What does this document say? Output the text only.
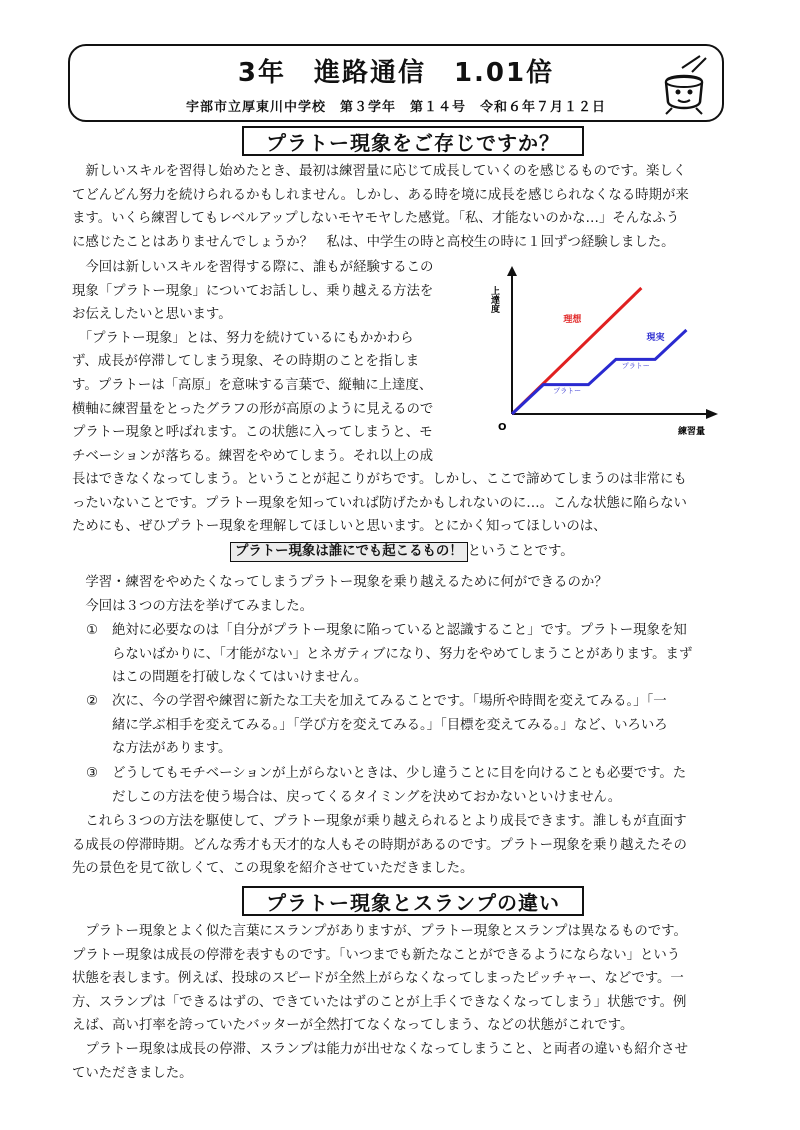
3年　進路通信　1.01倍
宇部市立厚東川中学校　第３学年　第１４号　令和６年７月１２日
プラトー現象をご存じですか？
　新しいスキルを習得し始めたとき、最初は練習量に応じて成長していくのを感じるものです。楽しく
てどんどん努力を続けられるかもしれません。しかし、ある時を境に成長を感じられなくなる時期が来
ます。いくら練習してもレベルアップしないモヤモヤした感覚。「私、才能ないのかな…」そんなふう
に感じたことはありませんでしょうか？　私は、中学生の時と高校生の時に１回ずつ経験しました。
　今回は新しいスキルを習得する際に、誰もが経験するこの
現象「プラトー現象」についてお話しし、乗り越える方法を
お伝えしたいと思います。
　「プラトー現象」とは、努力を続けているにもかかわら
ず、成長が停滞してしまう現象、その時期のことを指しま
す。プラトーは「高原」を意味する言葉で、縦軸に上達度、
横軸に練習量をとったグラフの形が高原のように見えるので
プラトー現象と呼ばれます。この状態に入ってしまうと、モ
チベーションが落ちる。練習をやめてしまう。それ以上の成
上達度
練習量
O
理想
現実
プラトー
プラトー
長はできなくなってしまう。ということが起こりがちです。しかし、ここで諦めてしまうのは非常にも
ったいないことです。プラトー現象を知っていれば防げたかもしれないのに…。こんな状態に陥らない
ためにも、ぜひプラトー現象を理解してほしいと思います。とにかく知ってほしいのは、
プラトー現象は誰にでも起こるもの！ ということです。
　学習・練習をやめたくなってしまうプラトー現象を乗り越えるために何ができるのか？
　今回は３つの方法を挙げてみました。
① 絶対に必要なのは「自分がプラトー現象に陥っていると認識すること」です。プラトー現象を知
らないばかりに、「才能がない」とネガティブになり、努力をやめてしまうことがあります。まず
はこの問題を打破しなくてはいけません。
② 次に、今の学習や練習に新たな工夫を加えてみることです。「場所や時間を変えてみる。」「一
緒に学ぶ相手を変えてみる。」「学び方を変えてみる。」「目標を変えてみる。」など、いろいろ
な方法があります。
③ どうしてもモチベーションが上がらないときは、少し違うことに目を向けることも必要です。た
だしこの方法を使う場合は、戻ってくるタイミングを決めておかないといけません。
　これら３つの方法を駆使して、プラトー現象が乗り越えられるとより成長できます。誰しもが直面す
る成長の停滞時期。どんな秀才も天才的な人もその時期があるのです。プラトー現象を乗り越えたその
先の景色を見て欲しくて、この現象を紹介させていただきました。
プラトー現象とスランプの違い
　プラトー現象とよく似た言葉にスランプがありますが、プラトー現象とスランプは異なるものです。
プラトー現象は成長の停滞を表すものです。「いつまでも新たなことができるようにならない」という
状態を表します。例えば、投球のスピードが全然上がらなくなってしまったピッチャー、などです。一
方、スランプは「できるはずの、できていたはずのことが上手くできなくなってしまう」状態です。例
えば、高い打率を誇っていたバッターが全然打てなくなってしまう、などの状態がこれです。
　プラトー現象は成長の停滞、スランプは能力が出せなくなってしまうこと、と両者の違いも紹介させ
ていただきました。
